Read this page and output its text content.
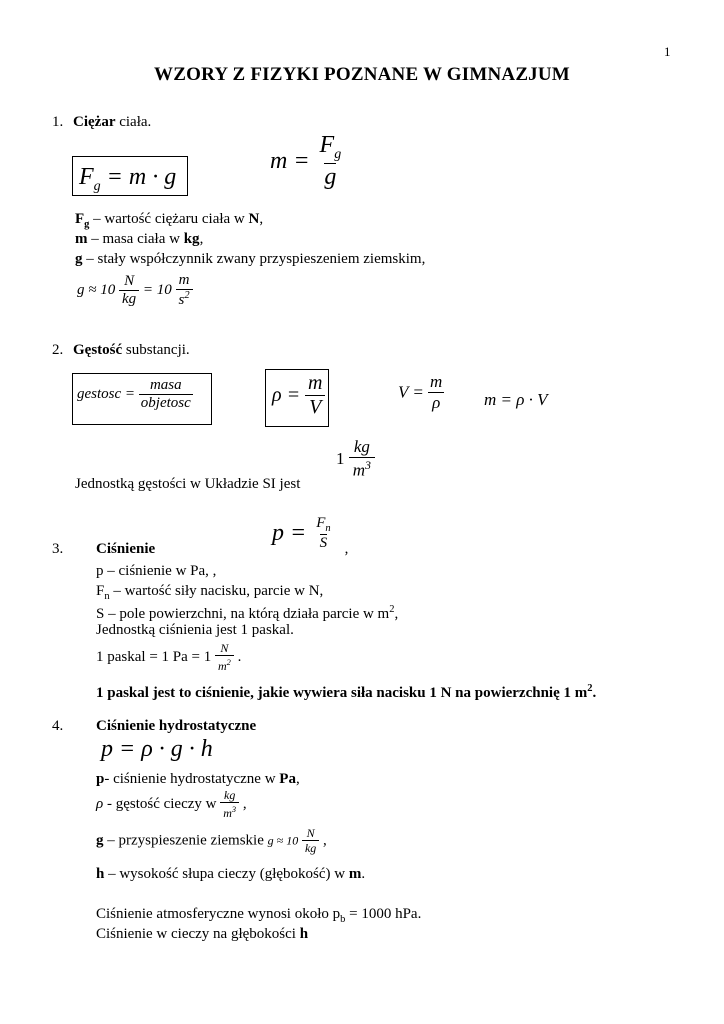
1
WZORY Z FIZYKI POZNANE W GIMNAZJUM
1. Ciężar ciała.
$F_g = m \cdot g$
$m = \frac{F_g}{g}$
$F_g$ – wartość ciężaru ciała w N,
m – masa ciała w kg,
g – stały współczynnik zwany przyspieszeniem ziemskim,
$g \approx 10 \frac{N}{kg} = 10 \frac{m}{s^2}$
2. Gęstość substancji.
gestosc = $\frac{\text{masa}}{\text{objetosc}}$	$\rho = \frac{m}{V}$	$V = \frac{m}{\rho}$ m = ρ · V
$1 \frac{kg}{m^3}$
Jednostką gęstości w Układzie SI jest
3. Ciśnienie
$p = \frac{F_n}{S} _,$
p – ciśnienie w Pa, ,
$F_n$ – wartość siły nacisku, parcie w N,
S – pole powierzchni, na którą działa parcie w $m^2$,
Jednostką ciśnienia jest 1 paskal.
1 paskal = 1 $Pa = 1 \frac{N}{m^2}$ .
1 paskal jest to ciśnienie, jakie wywiera siła nacisku 1 N na powierzchnię 1 $m^2$.
4. Ciśnienie hydrostatyczne
p = ρ · g · h
p- ciśnienie hydrostatyczne w Pa,
ρ - gęstość cieczy w $\frac{kg}{m^3}$ ,
g – przyspieszenie ziemskie $g \approx 10 \frac{N}{kg}$ ,
h – wysokość słupa cieczy (głębokość) w m.
Ciśnienie atmosferyczne wynosi około $p_b = 1000$ hPa.
Ciśnienie w cieczy na głębokości h
